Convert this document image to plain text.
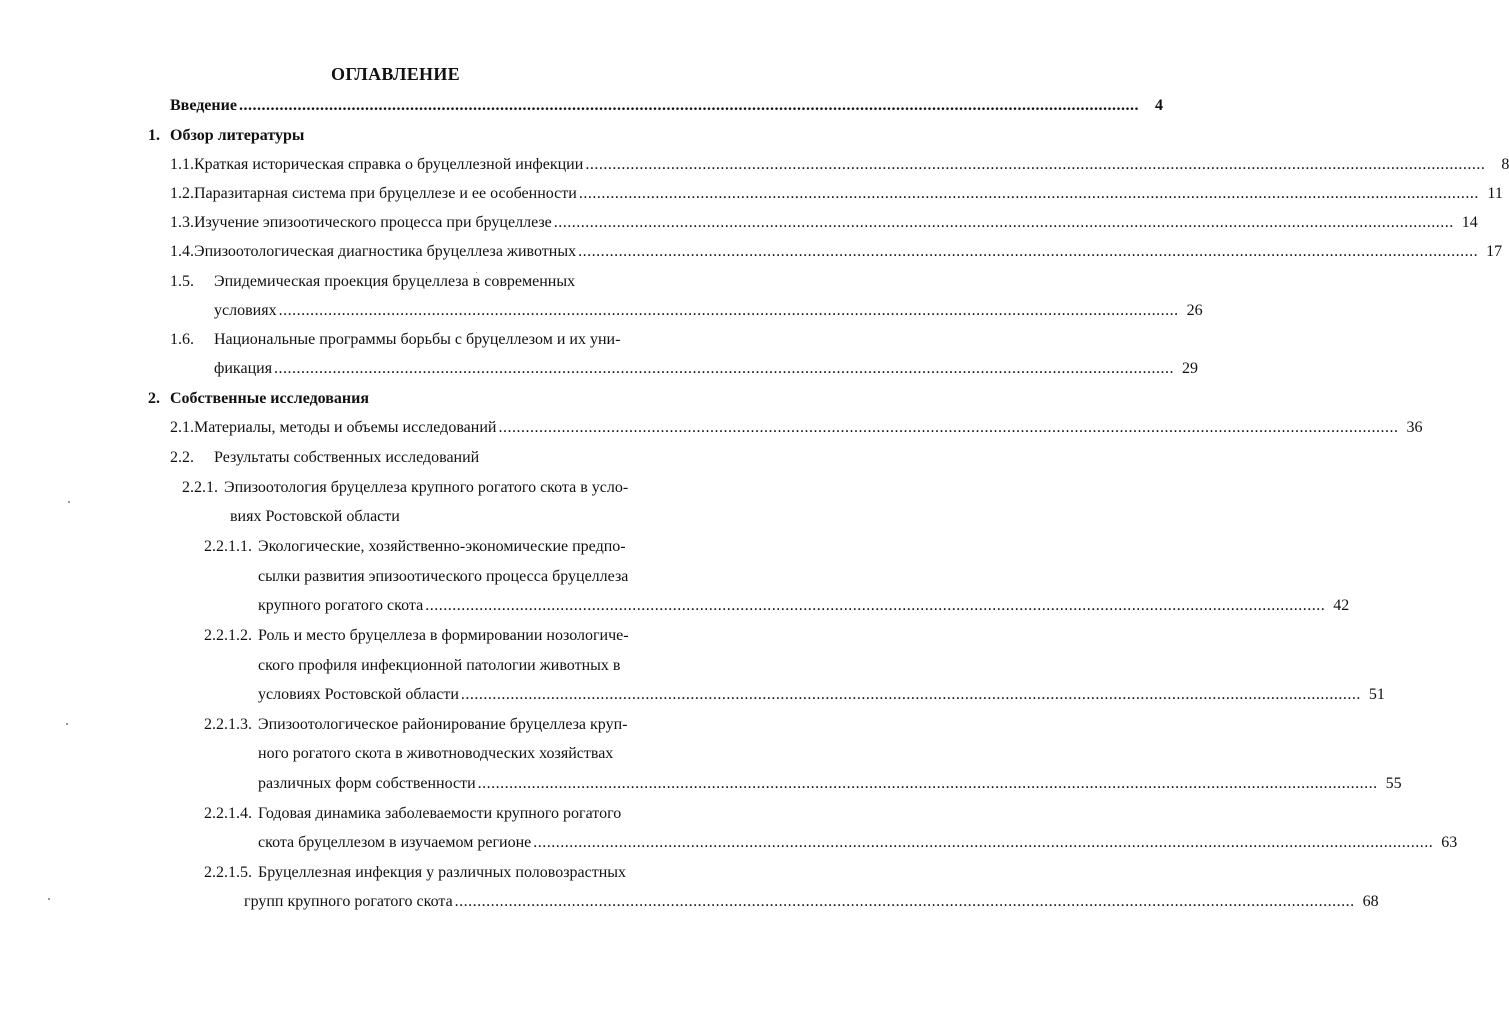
ОГЛАВЛЕНИЕ
Введение ........................................................................................................................................................................................................	4
1. Обзор литературы
1.1. Краткая историческая справка о бруцеллезной инфекции ........................................................................................................................................................................................................	8
1.2. Паразитарная система при бруцеллезе и ее особенности ........................................................................................................................................................................................................ 11
1.3. Изучение эпизоотического процесса при бруцеллезе ........................................................................................................................................................................................................ 14
1.4. Эпизоотологическая диагностика бруцеллеза животных ........................................................................................................................................................................................................ 17
1.5. Эпидемическая проекция бруцеллеза в современных
условиях ........................................................................................................................................................................................................ 26
1.6. Национальные программы борьбы с бруцеллезом и их уни-
фикация ........................................................................................................................................................................................................ 29
2. Собственные исследования
2.1. Материалы, методы и объемы исследований ........................................................................................................................................................................................................ 36
2.2. Результаты собственных исследований
2.2.1. Эпизоотология бруцеллеза крупного рогатого скота в усло-
виях Ростовской области
2.2.1.1. Экологические, хозяйственно-экономические предпо-
сылки развития эпизоотического процесса бруцеллеза
крупного рогатого скота ........................................................................................................................................................................................................ 42
2.2.1.2. Роль и место бруцеллеза в формировании нозологиче-
ского профиля инфекционной патологии животных в
условиях Ростовской области ........................................................................................................................................................................................................ 51
2.2.1.3. Эпизоотологическое районирование бруцеллеза круп-
ного рогатого скота в животноводческих хозяйствах
различных форм собственности ........................................................................................................................................................................................................ 55
2.2.1.4. Годовая динамика заболеваемости крупного рогатого
скота бруцеллезом в изучаемом регионе ........................................................................................................................................................................................................ 63
2.2.1.5. Бруцеллезная инфекция у различных половозрастных
групп крупного рогатого скота ........................................................................................................................................................................................................ 68
